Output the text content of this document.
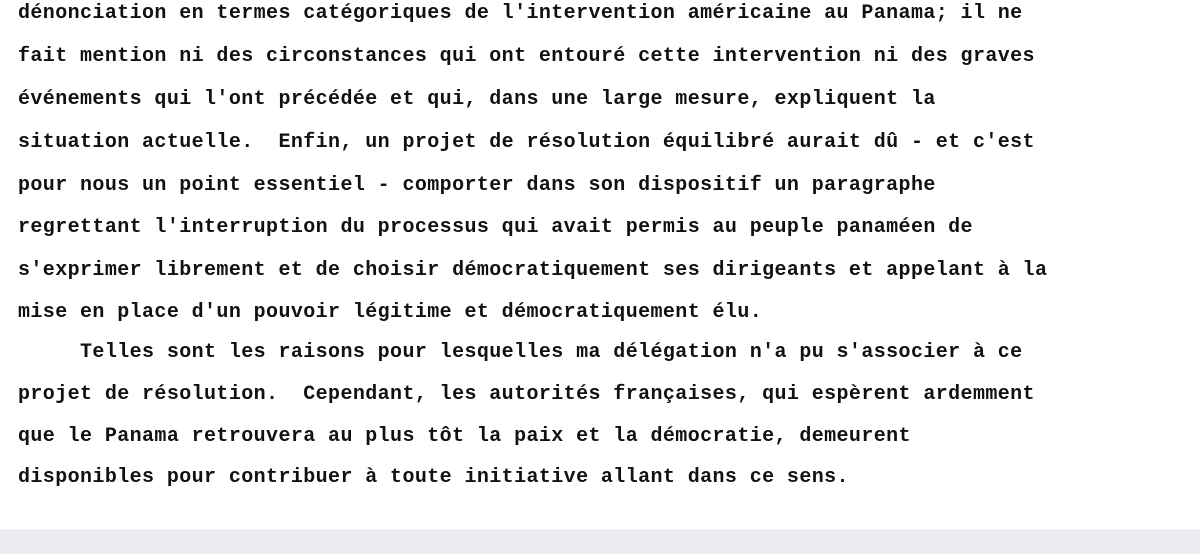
dénonciation en termes catégoriques de l'intervention américaine au Panama; il ne
fait mention ni des circonstances qui ont entouré cette intervention ni des graves
événements qui l'ont précédée et qui, dans une large mesure, expliquent la
situation actuelle.  Enfin, un projet de résolution équilibré aurait dû - et c'est
pour nous un point essentiel - comporter dans son dispositif un paragraphe
regrettant l'interruption du processus qui avait permis au peuple panaméen de
s'exprimer librement et de choisir démocratiquement ses dirigeants et appelant à la
mise en place d'un pouvoir légitime et démocratiquement élu.
Telles sont les raisons pour lesquelles ma délégation n'a pu s'associer à ce
projet de résolution.  Cependant, les autorités françaises, qui espèrent ardemment
que le Panama retrouvera au plus tôt la paix et la démocratie, demeurent
disponibles pour contribuer à toute initiative allant dans ce sens.
